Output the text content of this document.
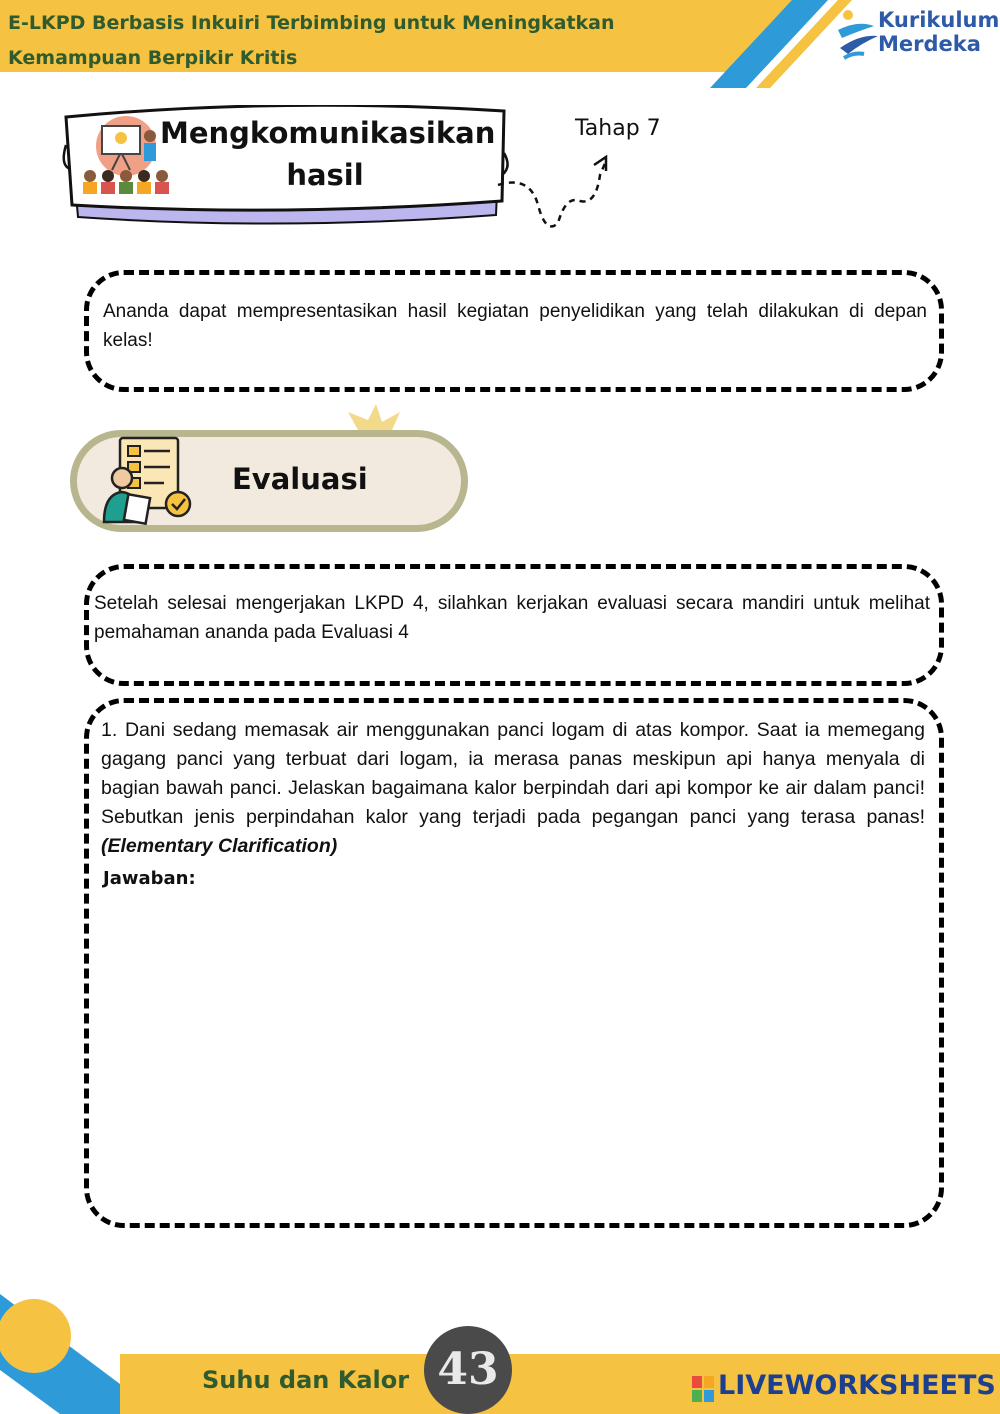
E-LKPD Berbasis Inkuiri Terbimbing untuk Meningkatkan
Kemampuan Berpikir Kritis
Kurikulum
Merdeka
Mengkomunikasikan
hasil
Tahap 7
Ananda dapat mempresentasikan hasil kegiatan penyelidikan yang telah dilakukan di depan kelas!
Evaluasi
Setelah selesai mengerjakan LKPD 4, silahkan kerjakan evaluasi secara mandiri untuk melihat pemahaman ananda pada Evaluasi 4
1. Dani sedang memasak air menggunakan panci logam di atas kompor. Saat ia memegang gagang panci yang terbuat dari logam, ia merasa panas meskipun api hanya menyala di bagian bawah panci. Jelaskan bagaimana kalor berpindah dari api kompor ke air dalam panci! Sebutkan jenis perpindahan kalor yang terjadi pada pegangan panci yang terasa panas! (Elementary Clarification)
Jawaban:
Suhu dan Kalor 43	LIVEWORKSHEETS
